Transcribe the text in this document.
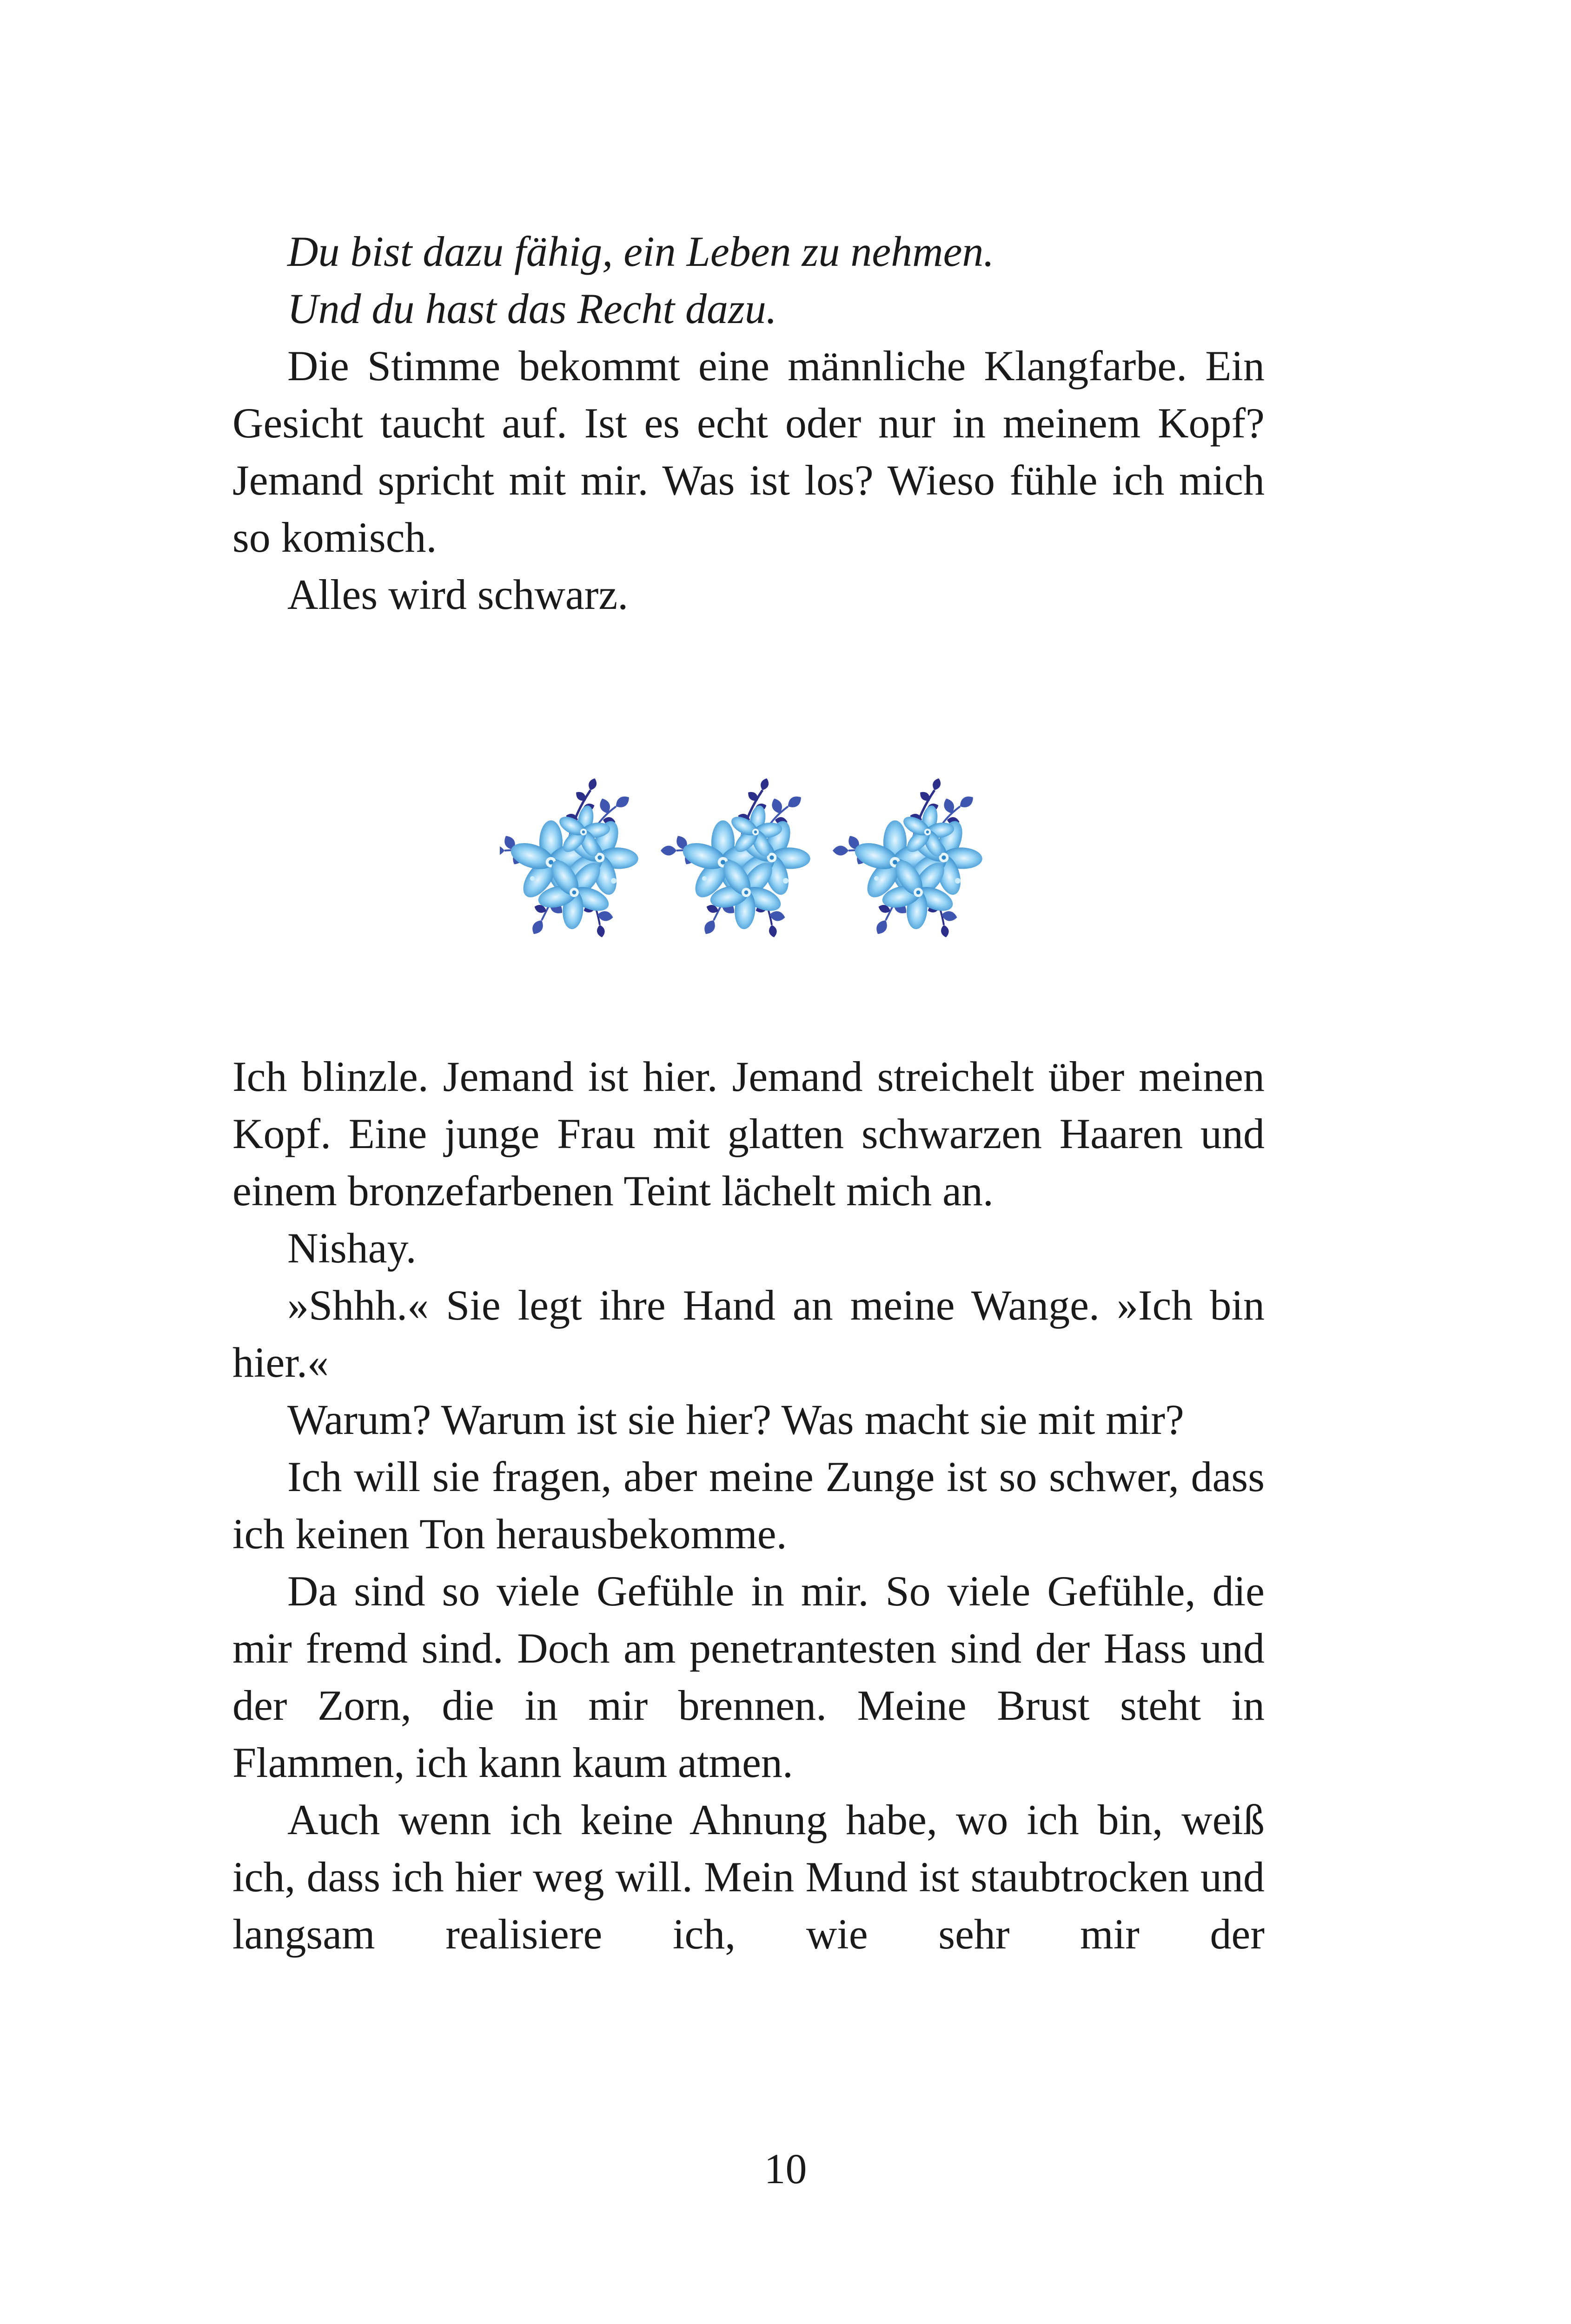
Du bist dazu fähig, ein Leben zu nehmen.

Und du hast das Recht dazu.

Die Stimme bekommt eine männliche Klangfarbe. Ein Gesicht taucht auf. Ist es echt oder nur in meinem Kopf? Jemand spricht mit mir. Was ist los? Wieso fühle ich mich so komisch.

Alles wird schwarz.

Ich blinzle. Jemand ist hier. Jemand streichelt über meinen Kopf. Eine junge Frau mit glatten schwarzen Haaren und einem bronzefarbenen Teint lächelt mich an.

Nishay.

»Shhh.« Sie legt ihre Hand an meine Wange. »Ich bin hier.«

Warum? Warum ist sie hier? Was macht sie mit mir?

Ich will sie fragen, aber meine Zunge ist so schwer, dass ich keinen Ton herausbekomme.

Da sind so viele Gefühle in mir. So viele Gefühle, die mir fremd sind. Doch am penetrantesten sind der Hass und der Zorn, die in mir brennen. Meine Brust steht in Flammen, ich kann kaum atmen.

Auch wenn ich keine Ahnung habe, wo ich bin, weiß ich, dass ich hier weg will. Mein Mund ist staubtrocken und langsam realisiere ich, wie sehr mir der

10
